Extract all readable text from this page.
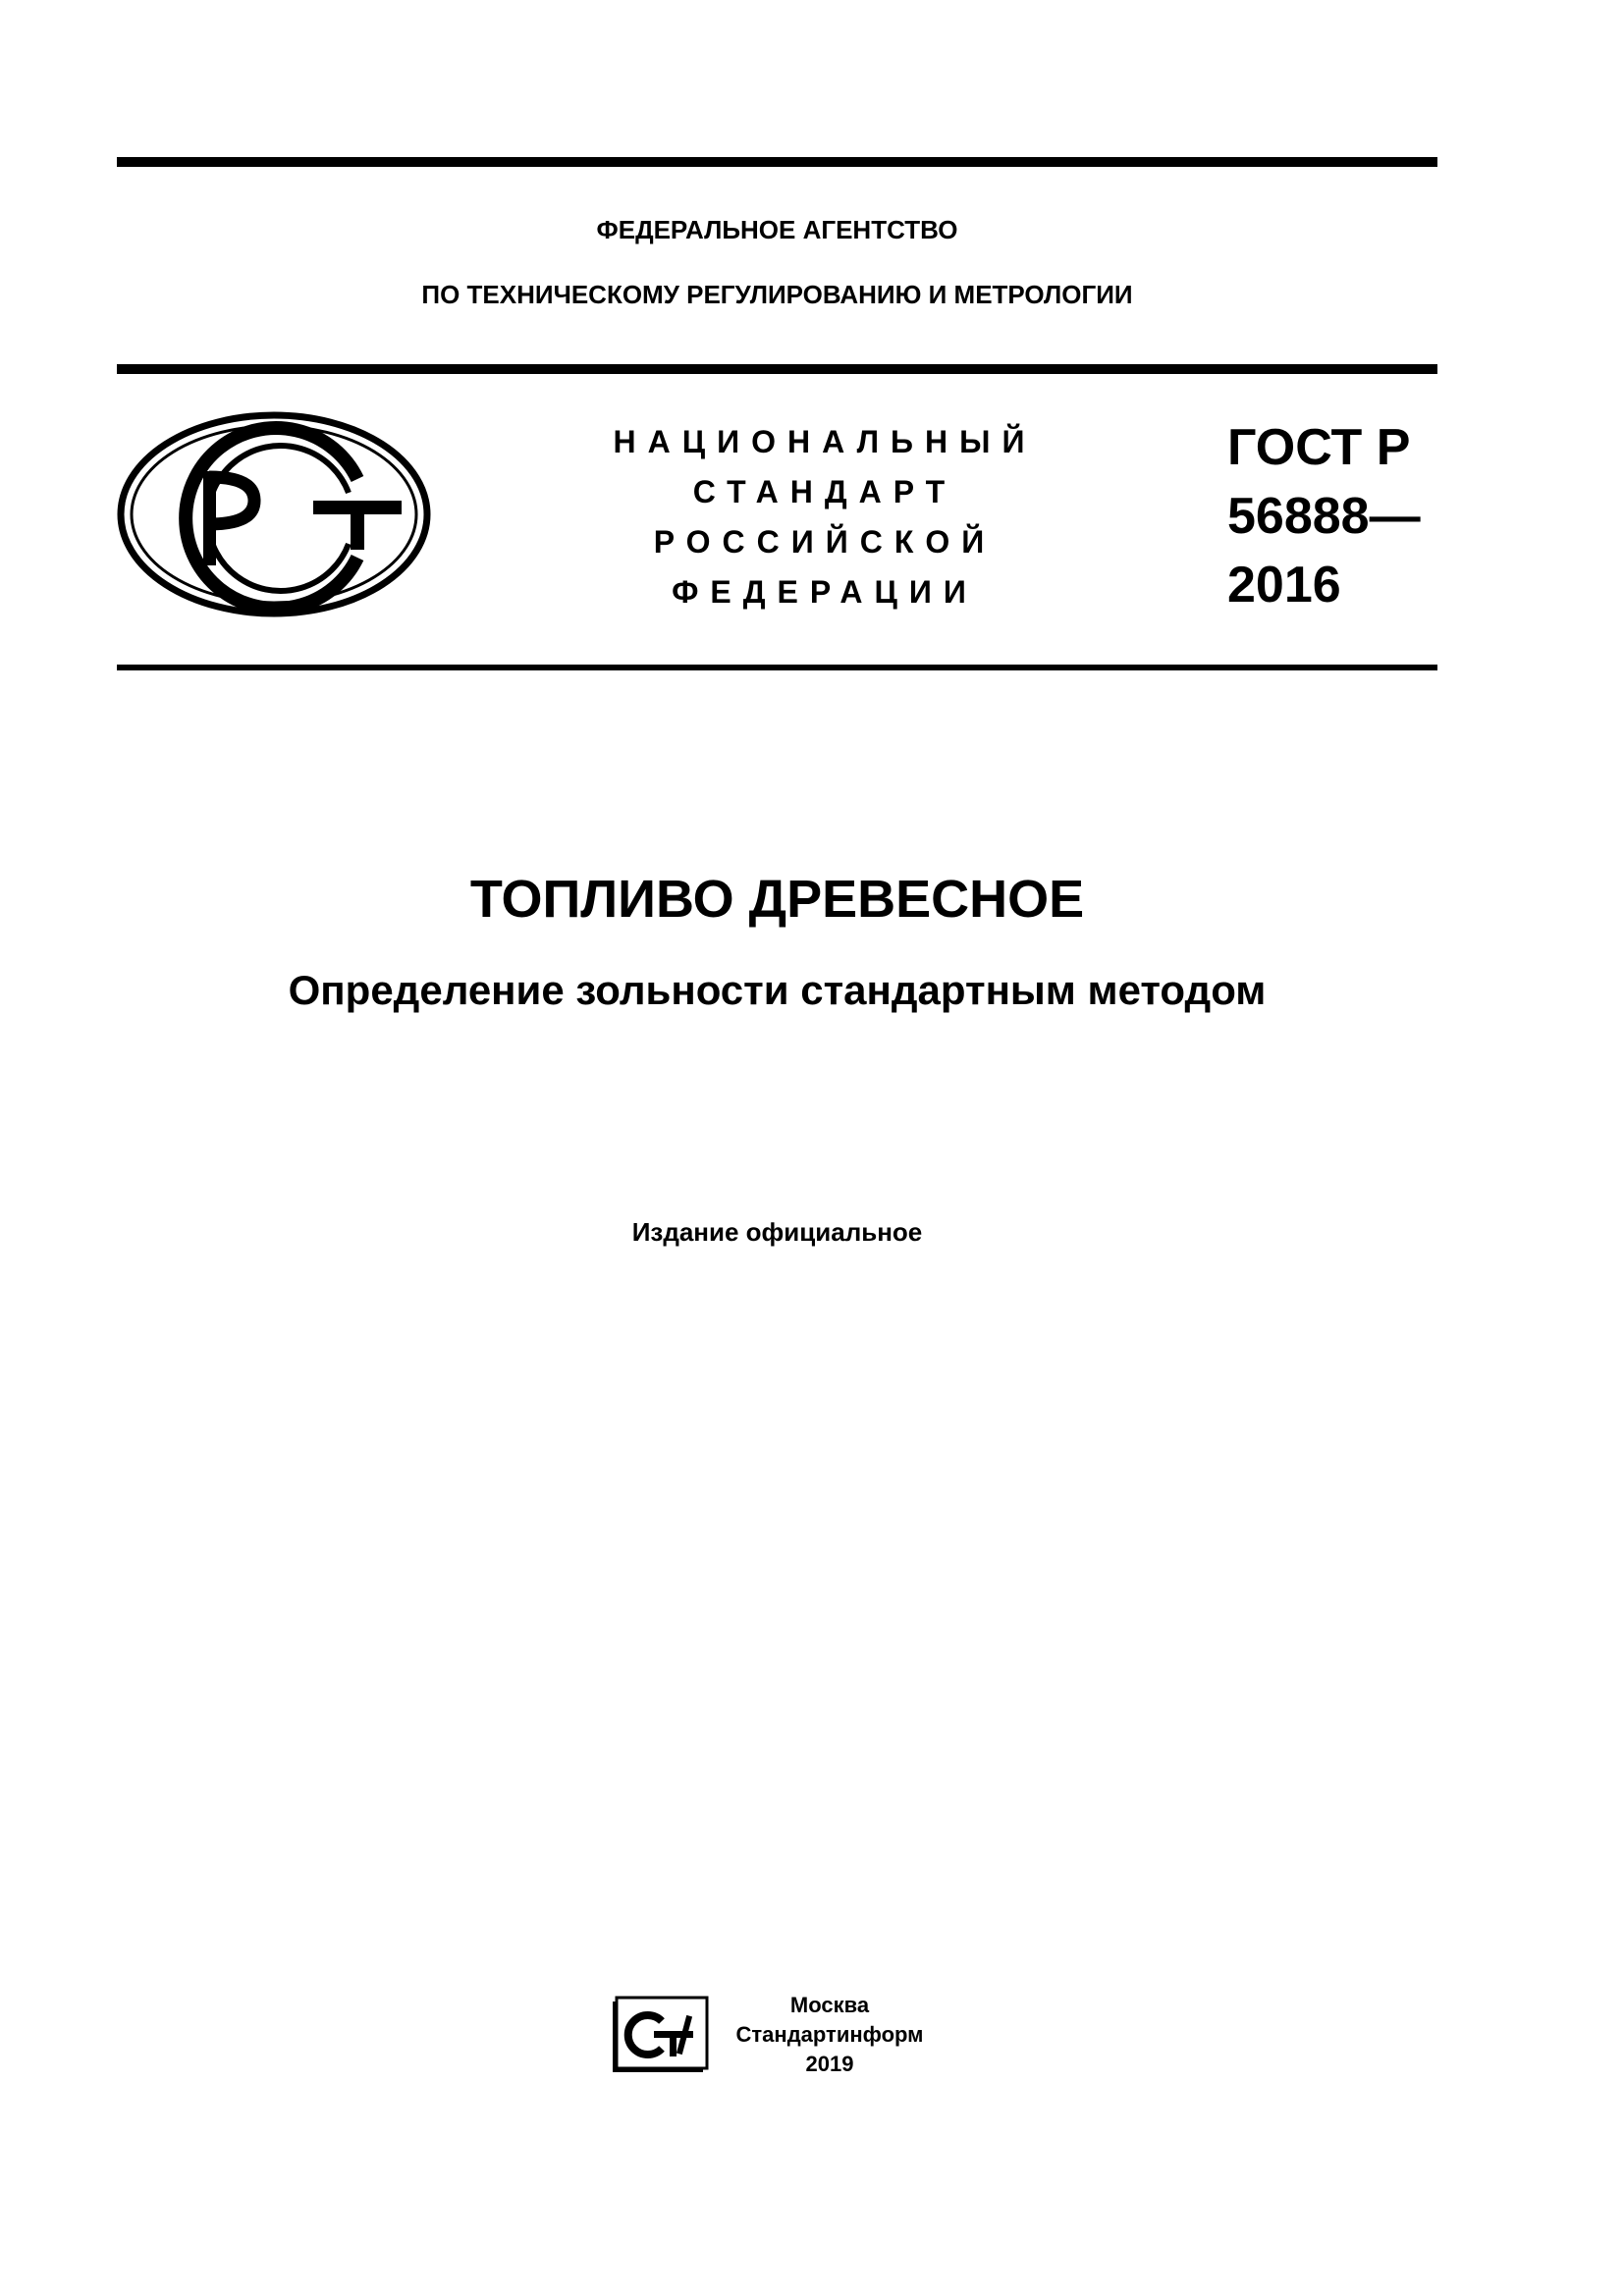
ФЕДЕРАЛЬНОЕ АГЕНТСТВО
ПО ТЕХНИЧЕСКОМУ РЕГУЛИРОВАНИЮ И МЕТРОЛОГИИ
НАЦИОНАЛЬНЫЙ
СТАНДАРТ
РОССИЙСКОЙ
ФЕДЕРАЦИИ
ГОСТ Р
56888—
2016
ТОПЛИВО ДРЕВЕСНОЕ
Определение зольности стандартным методом
Издание официальное
Москва
Стандартинформ
2019
